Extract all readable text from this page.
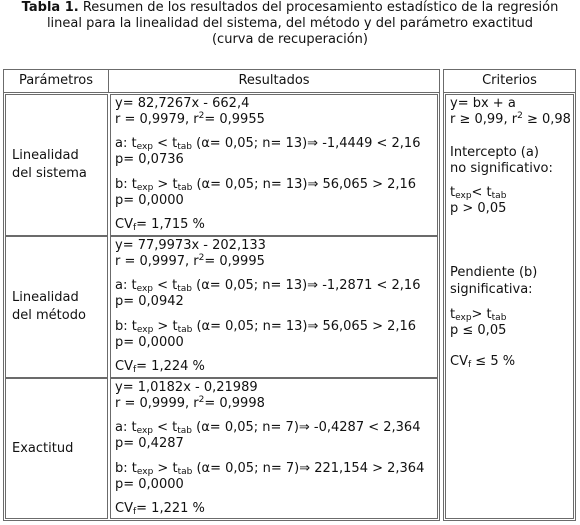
Tabla 1. Resumen de los resultados del procesamiento estadístico de la regresión
lineal para la linealidad del sistema, del método y del parámetro exactitud
(curva de recuperación)
Parámetros	Resultados	Criterios
Linealidad
del sistema
Linealidad
del método
Exactitud
y= 82,7267x - 662,4
r = 0,9979, $r^2= 0,9955$
a: $t_{exp} < t_{tab}$ (α= 0,05; n= 13)⇒ -1,4449 < 2,16
p= 0,0736
b: $t_{exp} > t_{tab}$ (α= 0,05; n= 13)⇒ 56,065 > 2,16
p= 0,0000
$CV_f= 1,715$ %
y= 77,9973x - 202,133
r = 0,9997, $r^2= 0,9995$
a: $t_{exp} < t_{tab}$ (α= 0,05; n= 13)⇒ -1,2871 < 2,16
p= 0,0942
b: $t_{exp} > t_{tab}$ (α= 0,05; n= 13)⇒ 56,065 > 2,16
p= 0,0000
$CV_f= 1,224$ %
y= 1,0182x - 0,21989
r = 0,9999, $r^2= 0,9998$
a: $t_{exp} < t_{tab}$ (α= 0,05; n= 7)⇒ -0,4287 < 2,364
p= 0,4287
b: $t_{exp} > t_{tab}$ (α= 0,05; n= 7)⇒ 221,154 > 2,364
p= 0,0000
$CV_f= 1,221$ %
y= bx + a
r ≥ 0,99, $r^2 \ge 0,98$
Intercepto (a)
no significativo:
$t_{exp}< t_{tab}$
p > 0,05
Pendiente (b)
significativa:
$t_{exp}> t_{tab}$
p ≤ 0,05
$CV_f \le 5$ %
